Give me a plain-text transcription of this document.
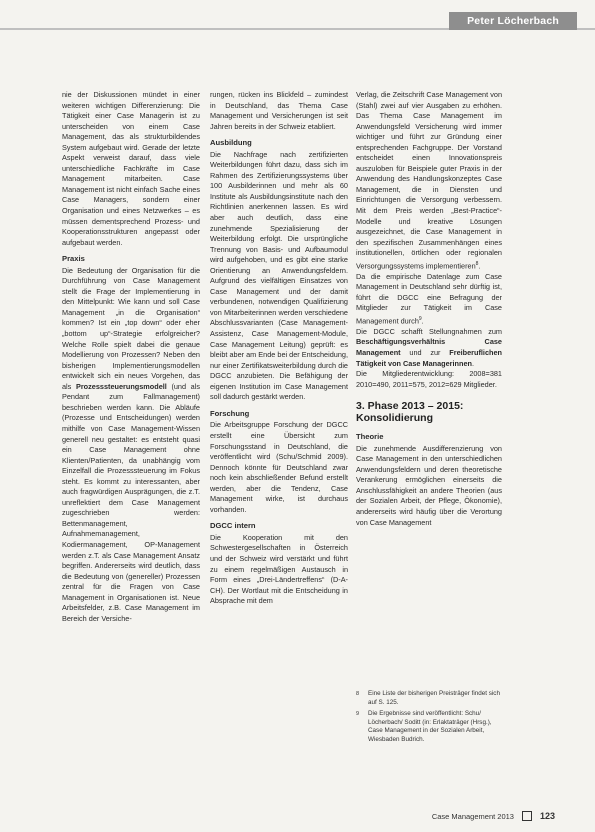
Peter Löcherbach

nie der Diskussionen mündet in einer weiteren wichtigen Differenzierung: Die Tätigkeit einer Case Managerin ist zu unterscheiden von einem Case Management, das als strukturbildendes System aufgebaut wird. Gerade der letzte Aspekt verweist darauf, dass viele unterschiedliche Fachkräfte im Case Management mitarbeiten. Case Management ist nicht einfach Sache eines Case Managers, sondern einer Organisation und eines Netzwerkes – es müssen dementsprechend Prozess- und Kooperationsstrukturen angepasst oder aufgebaut werden.

Praxis

Die Bedeutung der Organisation für die Durchführung von Case Management stellt die Frage der Implementierung in den Mittelpunkt: Wie kann und soll Case Management „in die Organisation“ kommen? Ist ein „top down“ oder eher „bottom up“-Strategie erfolgreicher? Welche Rolle spielt dabei die genaue Modellierung von Prozessen? Neben den bisherigen Implementierungsmodellen entwickelt sich ein neues Vorgehen, das als Prozesssteuerungsmodell (und als Pendant zum Fallmanagement) beschrieben werden kann. Die Abläufe (Prozesse und Entscheidungen) werden mithilfe von Case Management-Wissen generell neu gestaltet: es entsteht quasi ein Case Management ohne Klienten/Patienten, da unabhängig vom Einzelfall die Prozesssteuerung im Fokus steht. Es kommt zu interessanten, aber auch fragwürdigen Ausprägungen, die z.T. unreflektiert dem Case Management zugeschrieben werden: Bettenmanagement, Aufnahmemanagement, Kodiermanagement, OP-Management werden z.T. als Case Management Ansatz begriffen. Andererseits wird deutlich, dass die Bedeutung von (genereller) Prozessen zentral für die Fragen von Case Management in Organisationen ist. Neue Arbeitsfelder, z.B. Case Management im Bereich der Versiche-

rungen, rücken ins Blickfeld – zumindest in Deutschland, das Thema Case Management und Versicherungen ist seit Jahren bereits in der Schweiz etabliert.

Ausbildung

Die Nachfrage nach zertifizierten Weiterbildungen führt dazu, dass sich im Rahmen des Zertifizierungssystems über 100 Ausbilderinnen und mehr als 60 Institute als Ausbildungsinstitute nach den Richtlinien anerkennen lassen. Es wird aber auch deutlich, dass eine zunehmende Spezialisierung der Weiterbildung erfolgt. Die ursprüngliche Trennung von Basis- und Aufbaumodul wird aufgehoben, und es gibt eine starke Orientierung an Anwendungsfeldern. Aufgrund des vielfältigen Einsatzes von Case Management und der damit verbundenen, notwendigen Qualifizierung von Mitarbeiterinnen werden verschiedene Abschlussvarianten (Case Management-Assistenz, Case Management-Module, Case Management Leitung) geprüft: es bleibt aber am Ende bei der Entscheidung, nur einer Zertifikatsweiterbildung durch die DGCC anzubieten. Die Befähigung der eigenen Institution im Case Management soll dadurch gestärkt werden.

Forschung

Die Arbeitsgruppe Forschung der DGCC erstellt eine Übersicht zum Forschungsstand in Deutschland, die veröffentlicht wird (Schu/Schmid 2009). Dennoch könnte für Deutschland zwar noch kein abschließender Befund erstellt werden, aber die Tendenz, Case Management wirke, ist durchaus vorhanden.

DGCC intern

Die Kooperation mit den Schwestergesellschaften in Österreich und der Schweiz wird verstärkt und führt zu einem regelmäßigen Austausch in Form eines „Drei-Ländertreffens“ (D-A-CH). Der Wortlaut mit die Entscheidung in Absprache mit dem

Verlag, die Zeitschrift Case Management von (Stahl) zwei auf vier Ausgaben zu erhöhen. Das Thema Case Management im Anwendungsfeld Versicherung wird immer wichtiger und führt zur Gründung einer entsprechenden Fachgruppe. Der Vorstand entscheidet einen Innovationspreis auszuloben für Beispiele guter Praxis in der Anwendung des Handlungskonzeptes Case Management, die in Diensten und Einrichtungen die Versorgung verbessern. Mit dem Preis werden „Best-Practice“-Modelle und kreative Lösungen ausgezeichnet, die Case Management in den spezifischen Zusammenhängen eines institutionellen, örtlichen oder regionalen Versorgungssystems implementieren$^8$.

Da die empirische Datenlage zum Case Management in Deutschland sehr dürftig ist, führt die DGCC eine Befragung der Mitglieder zur Tätigkeit im Case Management durch$^9$.

Die DGCC schafft Stellungnahmen zum Beschäftigungsverhältnis Case Management und zur Freiberuflichen Tätigkeit von Case Managerinnen.

Die Mitgliederentwicklung: 2008=381 2010=490, 2011=575, 2012=629 Mitglieder.

3. Phase 2013 – 2015: Konsolidierung
Theorie

Die zunehmende Ausdifferenzierung von Case Management in den unterschiedlichen Anwendungsfeldern und deren theoretische Verankerung ermöglichen einerseits die Anschlussfähigkeit an andere Theorien (aus der Sozialen Arbeit, der Pflege, Ökonomie), andererseits wird häufig über die Verortung von Case Management

8	Eine Liste der bisherigen Preisträger findet sich auf S. 125.
9	Die Ergebnisse sind veröffentlicht: Schu/ Löcherbach/ Soditt (in: Erlaktaträger (Hrsg.), Case Management in der Sozialen Arbeit, Wiesbaden Budrich.
Case Management 2013	123
